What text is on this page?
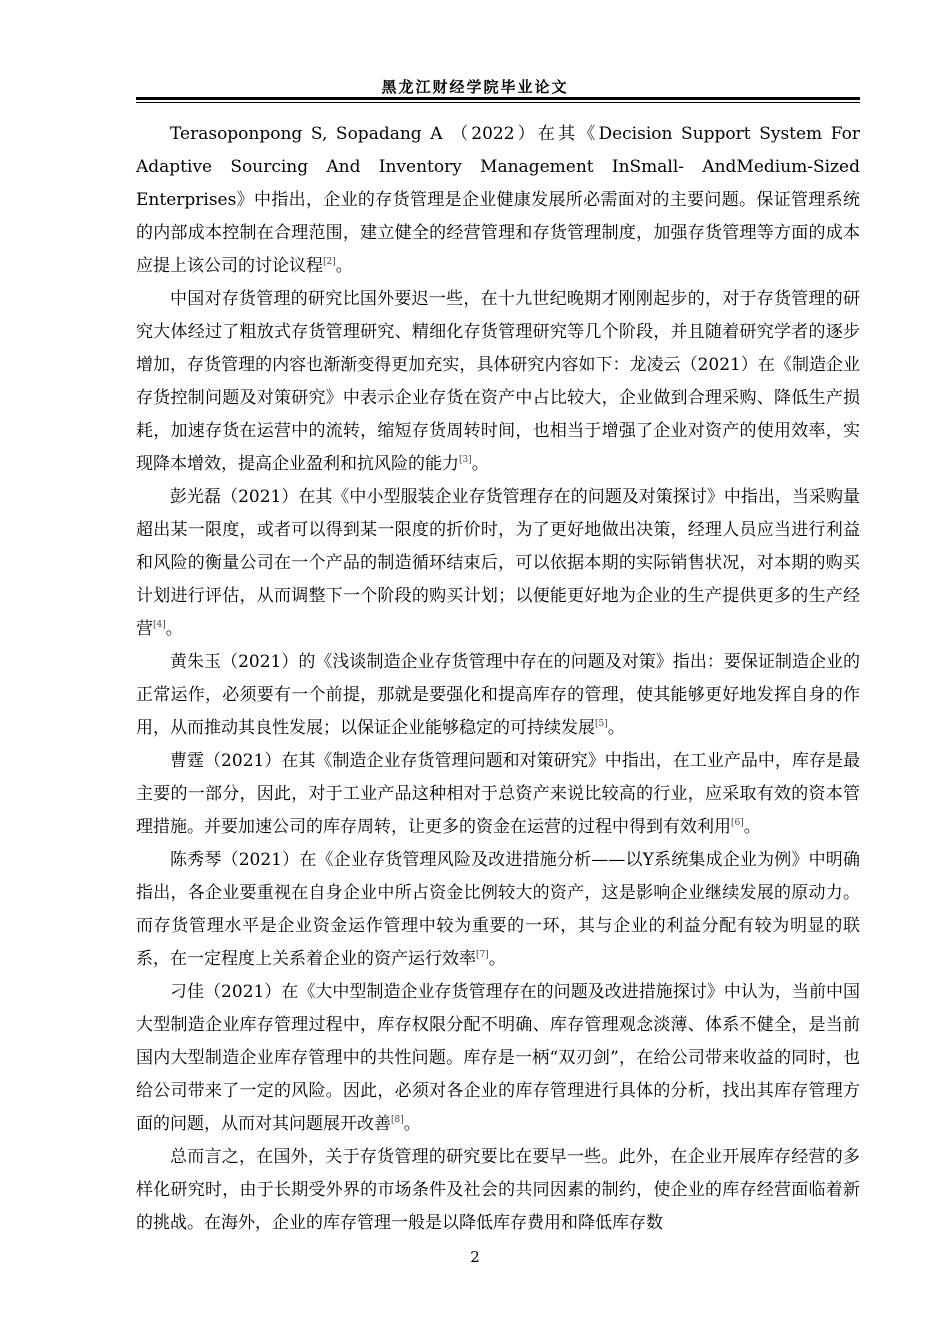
黑龙江财经学院毕业论文

Terasoponpong S, Sopadang A （2022）在其《Decision Support System For Adaptive Sourcing And Inventory Management InSmall- AndMedium-Sized Enterprises》中指出，企业的存货管理是企业健康发展所必需面对的主要问题。保证管理系统的内部成本控制在合理范围，建立健全的经营管理和存货管理制度，加强存货管理等方面的成本应提上该公司的讨论议程[2]。

中国对存货管理的研究比国外要迟一些，在十九世纪晚期才刚刚起步的，对于存货管理的研究大体经过了粗放式存货管理研究、精细化存货管理研究等几个阶段，并且随着研究学者的逐步增加，存货管理的内容也渐渐变得更加充实，具体研究内容如下：龙凌云（2021）在《制造企业存货控制问题及对策研究》中表示企业存货在资产中占比较大，企业做到合理采购、降低生产损耗，加速存货在运营中的流转，缩短存货周转时间，也相当于增强了企业对资产的使用效率，实现降本增效，提高企业盈利和抗风险的能力[3]。

彭光磊（2021）在其《中小型服装企业存货管理存在的问题及对策探讨》中指出，当采购量超出某一限度，或者可以得到某一限度的折价时，为了更好地做出决策，经理人员应当进行利益和风险的衡量公司在一个产品的制造循环结束后，可以依据本期的实际销售状况，对本期的购买计划进行评估，从而调整下一个阶段的购买计划；以便能更好地为企业的生产提供更多的生产经营[4]。

黄朱玉（2021）的《浅谈制造企业存货管理中存在的问题及对策》指出：要保证制造企业的正常运作，必须要有一个前提，那就是要强化和提高库存的管理，使其能够更好地发挥自身的作用，从而推动其良性发展；以保证企业能够稳定的可持续发展[5]。

曹霆（2021）在其《制造企业存货管理问题和对策研究》中指出，在工业产品中，库存是最主要的一部分，因此，对于工业产品这种相对于总资产来说比较高的行业，应采取有效的资本管理措施。并要加速公司的库存周转，让更多的资金在运营的过程中得到有效利用[6]。

陈秀琴（2021）在《企业存货管理风险及改进措施分析——以Y系统集成企业为例》中明确指出，各企业要重视在自身企业中所占资金比例较大的资产，这是影响企业继续发展的原动力。而存货管理水平是企业资金运作管理中较为重要的一环，其与企业的利益分配有较为明显的联系，在一定程度上关系着企业的资产运行效率[7]。

刁佳（2021）在《大中型制造企业存货管理存在的问题及改进措施探讨》中认为，当前中国大型制造企业库存管理过程中，库存权限分配不明确、库存管理观念淡薄、体系不健全，是当前国内大型制造企业库存管理中的共性问题。库存是一柄“双刃剑”，在给公司带来收益的同时，也给公司带来了一定的风险。因此，必须对各企业的库存管理进行具体的分析，找出其库存管理方面的问题，从而对其问题展开改善[8]。

总而言之，在国外，关于存货管理的研究要比在要早一些。此外，在企业开展库存经营的多样化研究时，由于长期受外界的市场条件及社会的共同因素的制约，使企业的库存经营面临着新的挑战。在海外，企业的库存管理一般是以降低库存费用和降低库存数

2
